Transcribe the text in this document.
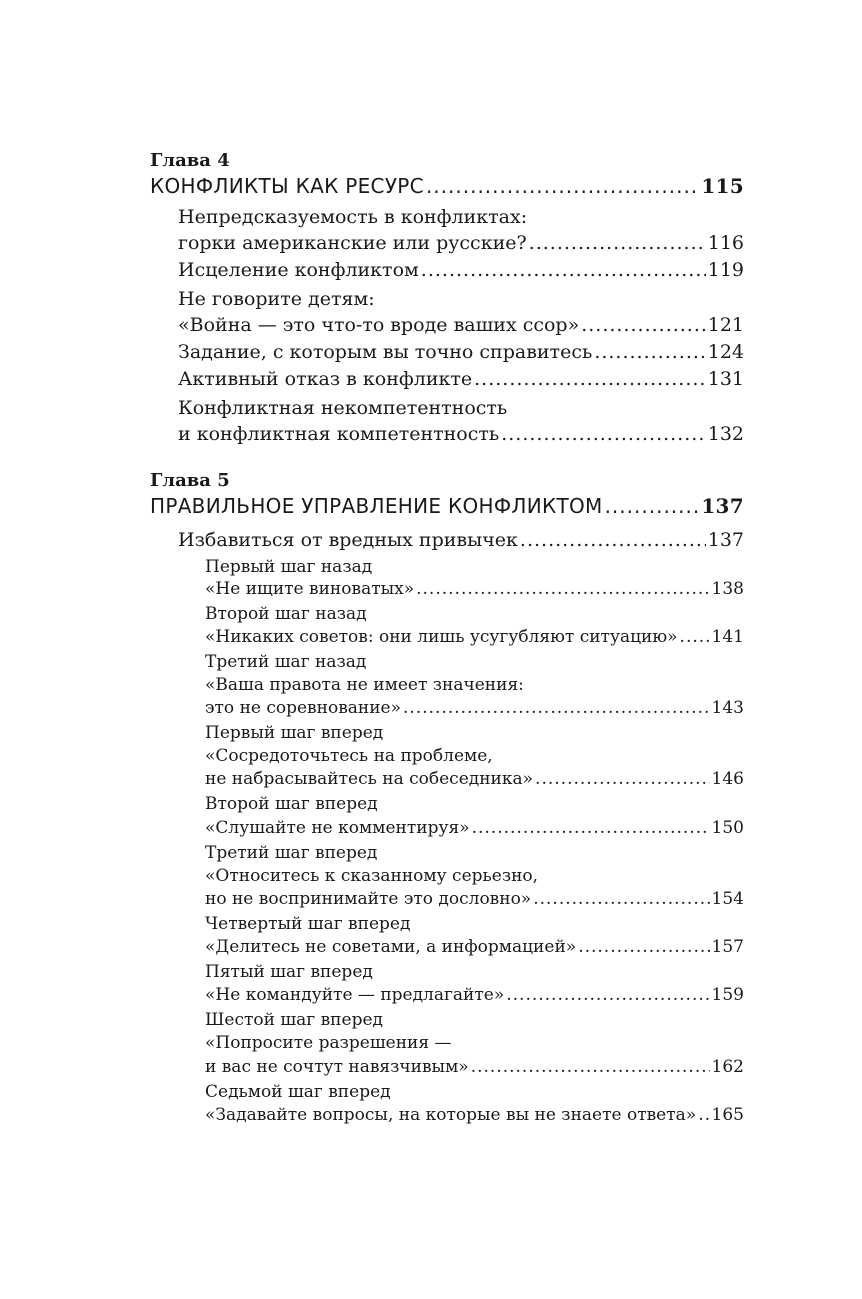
Глава 4
КОНФЛИКТЫ КАК РЕСУРС .....	115
Непредсказуемость в конфликтах:
горки американские или русские? .....	116
Исцеление конфликтом .....	119
Не говорите детям:
«Война — это что-то вроде ваших ссор» .....	121
Задание, с которым вы точно справитесь .....	124
Активный отказ в конфликте .....	131
Конфликтная некомпетентность
и конфликтная компетентность .....	132
Глава 5
ПРАВИЛЬНОЕ УПРАВЛЕНИЕ КОНФЛИКТОМ .....	137
Избавиться от вредных привычек .....	137
Первый шаг назад
«Не ищите виноватых» .....	138
Второй шаг назад
«Никаких советов: они лишь усугубляют ситуацию» ..... 141
Третий шаг назад
«Ваша правота не имеет значения:
это не соревнование» .....	143
Первый шаг вперед
«Сосредоточьтесь на проблеме,
не набрасывайтесь на собеседника» .....	146
Второй шаг вперед
«Слушайте не комментируя» .....	150
Третий шаг вперед
«Относитесь к сказанному серьезно,
но не воспринимайте это дословно» .....	154
Четвертый шаг вперед
«Делитесь не советами, а информацией» .....	157
Пятый шаг вперед
«Не командуйте — предлагайте» .....	159
Шестой шаг вперед
«Попросите разрешения —
и вас не сочтут навязчивым» .....	162
Седьмой шаг вперед
«Задавайте вопросы, на которые вы не знаете ответа» ..... 165
